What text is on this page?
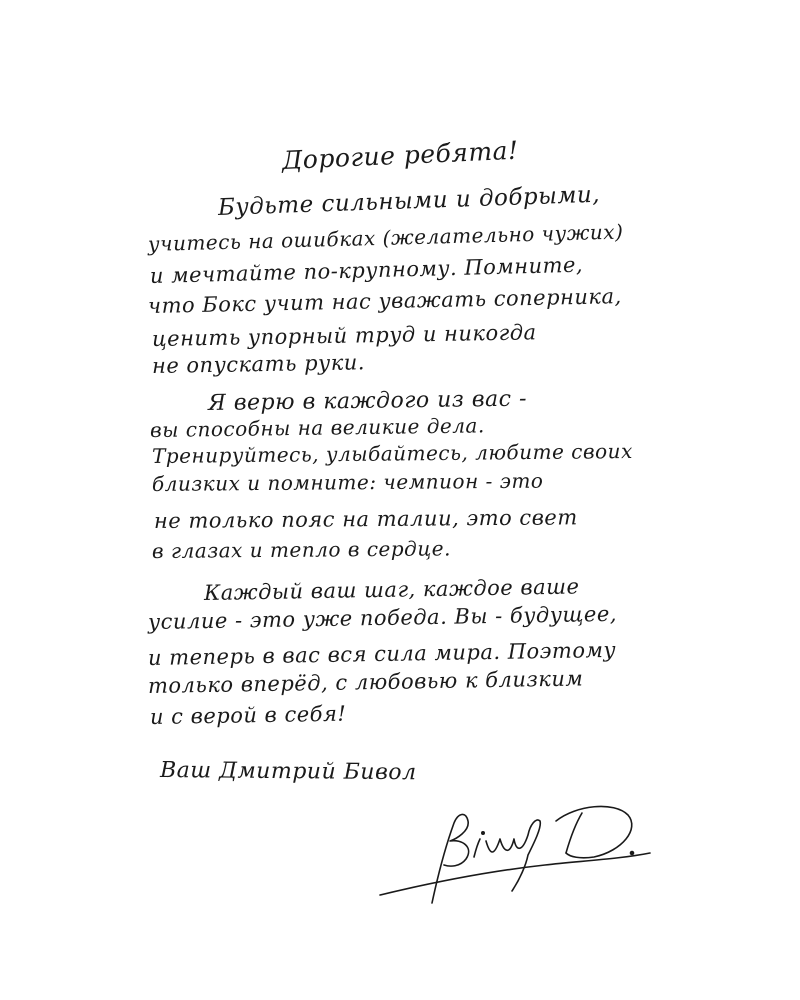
Дорогие ребята!
Будьте сильными и добрыми,
учитесь на ошибках (желательно чужих)
и мечтайте по-крупному. Помните,
что Бокс учит нас уважать соперника,
ценить упорный труд и никогда
не опускать руки.
Я верю в каждого из вас -
вы способны на великие дела.
Тренируйтесь, улыбайтесь, любите своих
близких и помните: чемпион - это
не только пояс на талии, это свет
в глазах и тепло в сердце.
Каждый ваш шаг, каждое ваше
усилие - это уже победа. Вы - будущее,
и теперь в вас вся сила мира. Поэтому
только вперёд, с любовью к близким
и с верой в себя!
Ваш Дмитрий Бивол
